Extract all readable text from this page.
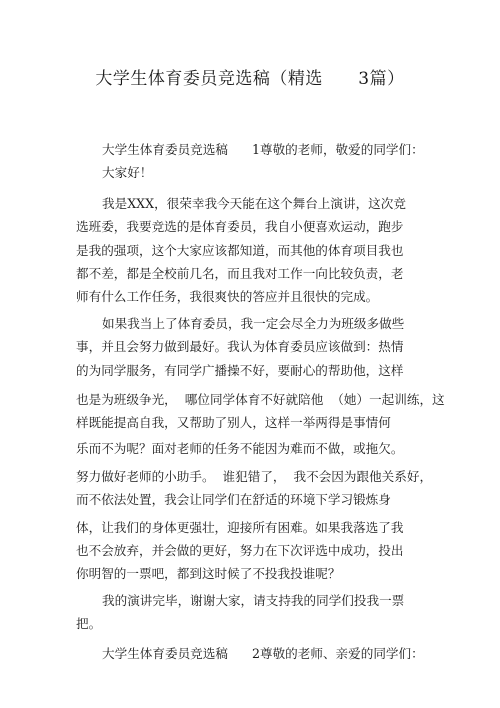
大学生体育委员竞选稿（精选      3篇）
大学生体育委员竞选稿      1尊敬的老师，敬爱的同学们：
大家好！
我是XXX，很荣幸我今天能在这个舞台上演讲，这次竞
选班委，我要竞选的是体育委员，我自小便喜欢运动，跑步
是我的强项，这个大家应该都知道，而其他的体育项目我也
都不差，都是全校前几名，而且我对工作一向比较负责，老
师有什么工作任务，我很爽快的答应并且很快的完成。
如果我当上了体育委员，我一定会尽全力为班级多做些
事，并且会努力做到最好。我认为体育委员应该做到：热情
的为同学服务，有同学广播操不好，要耐心的帮助他，这样
也是为班级争光，  哪位同学体育不好就陪他  （她）一起训练，这
样既能提高自我，又帮助了别人，这样一举两得是事情何
乐而不为呢？面对老师的任务不能因为难而不做，或拖欠。
努力做好老师的小助手。  谁犯错了，  我不会因为跟他关系好，
而不依法处置，我会让同学们在舒适的环境下学习锻炼身
体，让我们的身体更强壮，迎接所有困难。如果我落选了我
也不会放弃，并会做的更好，努力在下次评选中成功，投出
你明智的一票吧，都到这时候了不投我投谁呢？
我的演讲完毕，谢谢大家，请支持我的同学们投我一票
把。
大学生体育委员竞选稿      2尊敬的老师、亲爱的同学们：
